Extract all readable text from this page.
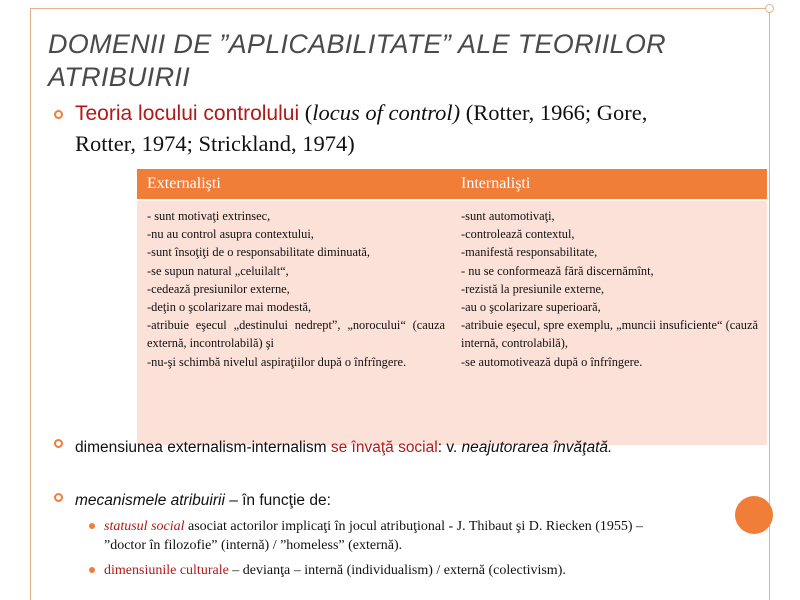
DOMENII DE ”APLICABILITATE” ALE TEORIILOR ATRIBUIRII
Teoria locului controlului (locus of control) (Rotter, 1966; Gore, Rotter, 1974; Strickland, 1974)
Externalişti	Internalişti
- sunt motivaţi extrinsec,
-nu au control asupra contextului,
-sunt însoţiţi de o responsabilitate diminuată,
-se supun natural „celuilalt“,
-cedează presiunilor externe,
-deţin o şcolarizare mai modestă,
-atribuie eşecul „destinului nedrept”, „norocului“ (cauza externă, incontrolabilă) şi
-nu-şi schimbă nivelul aspiraţiilor după o înfrîngere.
-sunt automotivaţi,
-controlează contextul,
-manifestă responsabilitate,
- nu se conformează fără discernămînt,
-rezistă la presiunile externe,
-au o şcolarizare superioară,
-atribuie eşecul, spre exemplu, „muncii insuficiente“ (cauză internă, controlabilă),
-se automotivează după o înfrîngere.
dimensiunea externalism-internalism se învaţă social: v. neajutorarea învăţată.
mecanismele atribuirii – în funcţie de:
statusul social asociat actorilor implicaţi în jocul atribuţional - J. Thibaut şi D. Riecken (1955) – ”doctor în filozofie” (internă) / ”homeless” (externă).
dimensiunile culturale – devianţa – internă (individualism) / externă (colectivism).
